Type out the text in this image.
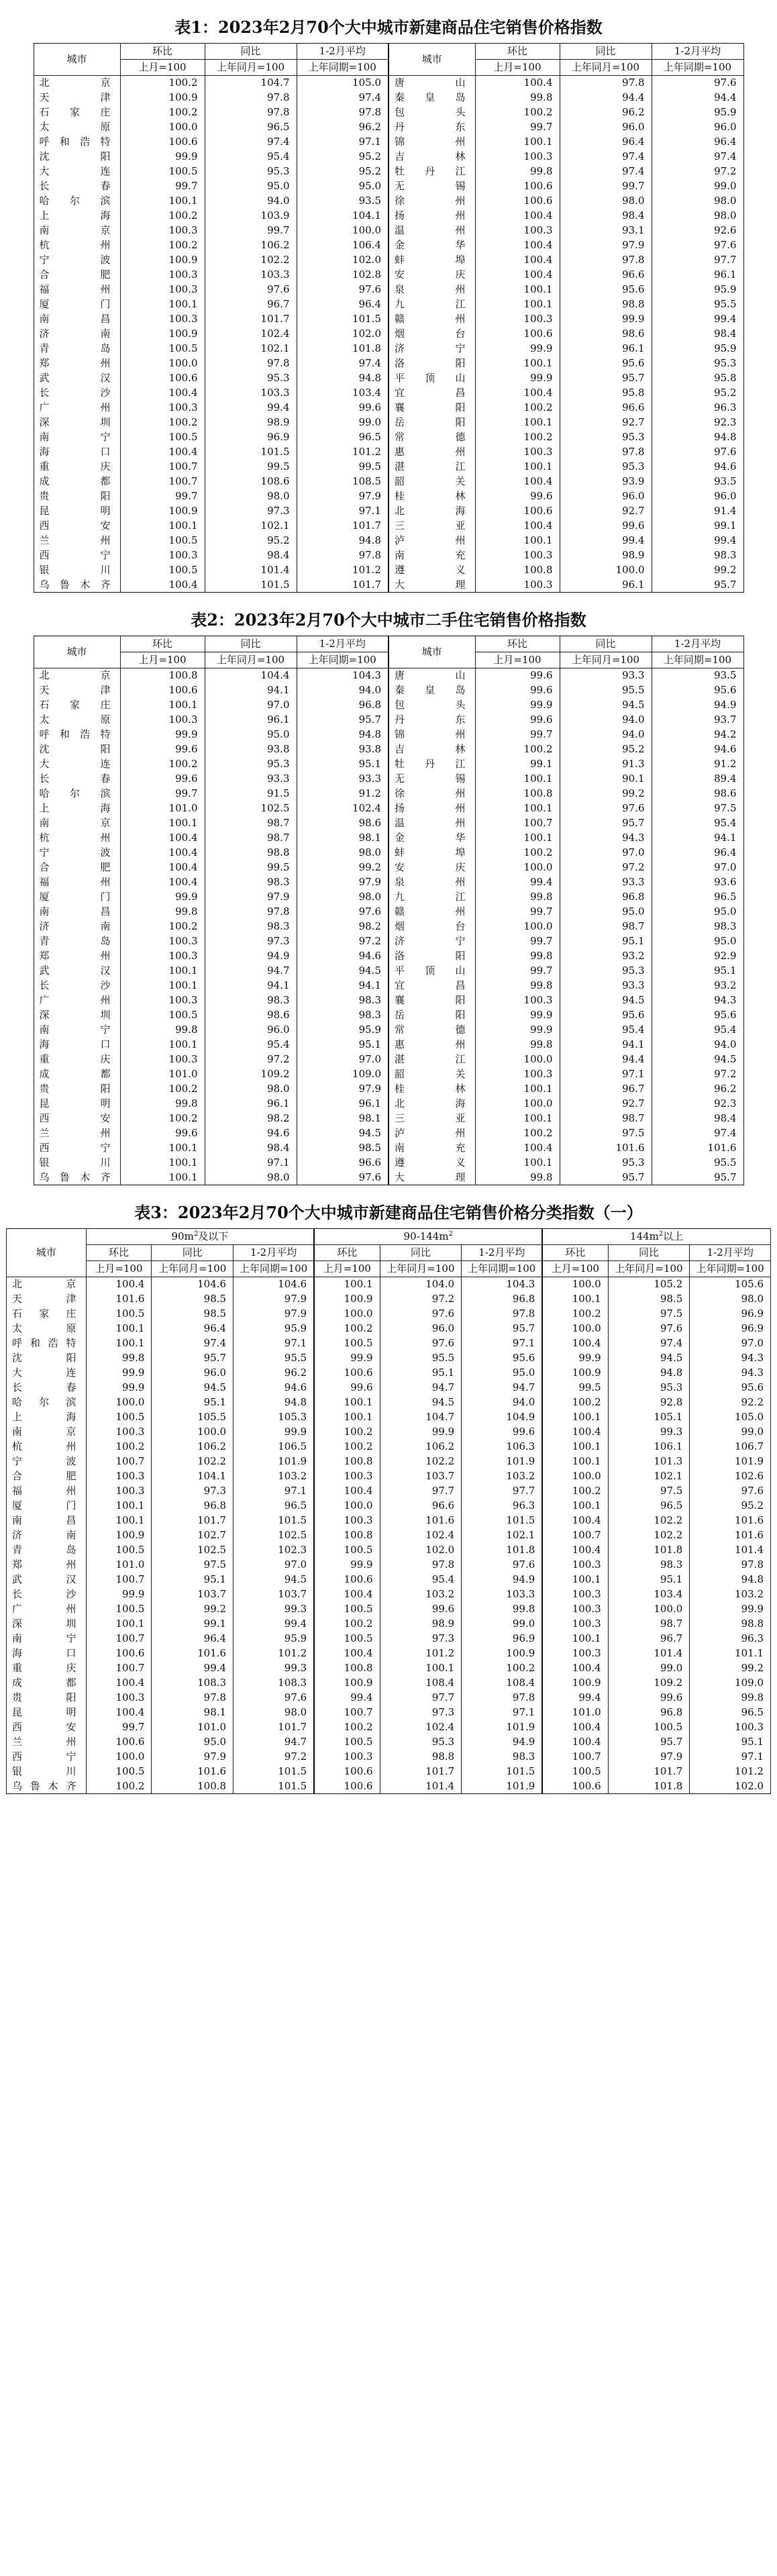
表1：2023年2月70个大中城市新建商品住宅销售价格指数
城市	环比	同比	1-2月平均	城市	环比	同比	1-2月平均
	上月=100	上年同月=100	上年同期=100		上月=100	上年同月=100	上年同期=100
北京	100.2	104.7	105.0	唐山	100.4	97.8	97.6
天津	100.9	97.8	97.4	秦皇岛	99.8	94.4	94.4
石家庄	100.2	97.8	97.8	包头	100.2	96.2	95.9
太原	100.0	96.5	96.2	丹东	99.7	96.0	96.0
呼和浩特	100.6	97.4	97.1	锦州	100.1	96.4	96.4
沈阳	99.9	95.4	95.2	吉林	100.3	97.4	97.4
大连	100.5	95.3	95.2	牡丹江	99.8	97.4	97.2
长春	99.7	95.0	95.0	无锡	100.6	99.7	99.0
哈尔滨	100.1	94.0	93.5	徐州	100.6	98.0	98.0
上海	100.2	103.9	104.1	扬州	100.4	98.4	98.0
南京	100.3	99.7	100.0	温州	100.3	93.1	92.6
杭州	100.2	106.2	106.4	金华	100.4	97.9	97.6
宁波	100.9	102.2	102.0	蚌埠	100.4	97.8	97.7
合肥	100.3	103.3	102.8	安庆	100.4	96.6	96.1
福州	100.3	97.6	97.6	泉州	100.1	95.6	95.9
厦门	100.1	96.7	96.4	九江	100.1	98.8	95.5
南昌	100.3	101.7	101.5	赣州	100.3	99.9	99.4
济南	100.9	102.4	102.0	烟台	100.6	98.6	98.4
青岛	100.5	102.1	101.8	济宁	99.9	96.1	95.9
郑州	100.0	97.8	97.4	洛阳	100.1	95.6	95.3
武汉	100.6	95.3	94.8	平顶山	99.9	95.7	95.8
长沙	100.4	103.3	103.4	宜昌	100.4	95.8	95.2
广州	100.3	99.4	99.6	襄阳	100.2	96.6	96.3
深圳	100.2	98.9	99.0	岳阳	100.1	92.7	92.3
南宁	100.5	96.9	96.5	常德	100.2	95.3	94.8
海口	100.4	101.5	101.2	惠州	100.3	97.8	97.6
重庆	100.7	99.5	99.5	湛江	100.1	95.3	94.6
成都	100.7	108.6	108.5	韶关	100.4	93.9	93.5
贵阳	99.7	98.0	97.9	桂林	99.6	96.0	96.0
昆明	100.9	97.3	97.1	北海	100.6	92.7	91.4
西安	100.1	102.1	101.7	三亚	100.4	99.6	99.1
兰州	100.5	95.2	94.8	泸州	100.1	99.4	99.4
西宁	100.3	98.4	97.8	南充	100.3	98.9	98.3
银川	100.5	101.4	101.2	遵义	100.8	100.0	99.2
乌鲁木齐	100.4	101.5	101.7	大理	100.3	96.1	95.7
表2：2023年2月70个大中城市二手住宅销售价格指数
城市	环比	同比	1-2月平均	城市	环比	同比	1-2月平均
	上月=100	上年同月=100	上年同期=100		上月=100	上年同月=100	上年同期=100
北京	100.8	104.4	104.3	唐山	99.6	93.3	93.5
天津	100.6	94.1	94.0	秦皇岛	99.6	95.5	95.6
石家庄	100.1	97.0	96.8	包头	99.9	94.5	94.9
太原	100.3	96.1	95.7	丹东	99.6	94.0	93.7
呼和浩特	99.9	95.0	94.8	锦州	99.7	94.0	94.2
沈阳	99.6	93.8	93.8	吉林	100.2	95.2	94.6
大连	100.2	95.3	95.1	牡丹江	99.1	91.3	91.2
长春	99.6	93.3	93.3	无锡	100.1	90.1	89.4
哈尔滨	99.7	91.5	91.2	徐州	100.8	99.2	98.6
上海	101.0	102.5	102.4	扬州	100.1	97.6	97.5
南京	100.1	98.7	98.6	温州	100.7	95.7	95.4
杭州	100.4	98.7	98.1	金华	100.1	94.3	94.1
宁波	100.4	98.8	98.0	蚌埠	100.2	97.0	96.4
合肥	100.4	99.5	99.2	安庆	100.0	97.2	97.0
福州	100.4	98.3	97.9	泉州	99.4	93.3	93.6
厦门	99.9	97.9	98.0	九江	99.8	96.8	96.5
南昌	99.8	97.8	97.6	赣州	99.7	95.0	95.0
济南	100.2	98.3	98.2	烟台	100.0	98.7	98.3
青岛	100.3	97.3	97.2	济宁	99.7	95.1	95.0
郑州	100.3	94.9	94.6	洛阳	99.8	93.2	92.9
武汉	100.1	94.7	94.5	平顶山	99.7	95.3	95.1
长沙	100.1	94.1	94.1	宜昌	99.8	93.3	93.2
广州	100.3	98.3	98.3	襄阳	100.3	94.5	94.3
深圳	100.5	98.6	98.3	岳阳	99.9	95.6	95.6
南宁	99.8	96.0	95.9	常德	99.9	95.4	95.4
海口	100.1	95.4	95.1	惠州	99.8	94.1	94.0
重庆	100.3	97.2	97.0	湛江	100.0	94.4	94.5
成都	101.0	109.2	109.0	韶关	100.3	97.1	97.2
贵阳	100.2	98.0	97.9	桂林	100.1	96.7	96.2
昆明	99.8	96.1	96.1	北海	100.0	92.7	92.3
西安	100.2	98.2	98.1	三亚	100.1	98.7	98.4
兰州	99.6	94.6	94.5	泸州	100.2	97.5	97.4
西宁	100.1	98.4	98.5	南充	100.4	101.6	101.6
银川	100.1	97.1	96.6	遵义	100.1	95.3	95.5
乌鲁木齐	100.1	98.0	97.6	大理	99.8	95.7	95.7
表3：2023年2月70个大中城市新建商品住宅销售价格分类指数（一）
城市	$90m^2$及以下			$90-144m^2$			$144m^2$以上		
	环比	同比	1-2月平均	环比	同比	1-2月平均	环比	同比	1-2月平均
	上月=100	上年同月=100	上年同期=100	上月=100	上年同月=100	上年同期=100	上月=100	上年同月=100	上年同期=100
北京	100.4	104.6	104.6	100.1	104.0	104.3	100.0	105.2	105.6
天津	101.6	98.5	97.9	100.9	97.2	96.8	100.1	98.5	98.0
石家庄	100.5	98.5	97.9	100.0	97.6	97.8	100.2	97.5	96.9
太原	100.1	96.4	95.9	100.2	96.0	95.7	100.0	97.6	96.9
呼和浩特	100.1	97.4	97.1	100.5	97.6	97.1	100.4	97.4	97.0
沈阳	99.8	95.7	95.5	99.9	95.5	95.6	99.9	94.5	94.3
大连	99.9	96.0	96.2	100.6	95.1	95.0	100.9	94.8	94.3
长春	99.9	94.5	94.6	99.6	94.7	94.7	99.5	95.3	95.6
哈尔滨	100.0	95.1	94.8	100.1	94.5	94.0	100.2	92.8	92.2
上海	100.5	105.5	105.3	100.1	104.7	104.9	100.1	105.1	105.0
南京	100.3	100.0	99.9	100.2	99.9	99.6	100.4	99.3	99.0
杭州	100.2	106.2	106.5	100.2	106.2	106.3	100.1	106.1	106.7
宁波	100.7	102.2	101.9	100.8	102.2	101.9	100.1	101.3	101.9
合肥	100.3	104.1	103.2	100.3	103.7	103.2	100.0	102.1	102.6
福州	100.3	97.3	97.1	100.4	97.7	97.7	100.2	97.5	97.6
厦门	100.1	96.8	96.5	100.0	96.6	96.3	100.1	96.5	95.2
南昌	100.1	101.7	101.5	100.3	101.6	101.5	100.4	102.2	101.6
济南	100.9	102.7	102.5	100.8	102.4	102.1	100.7	102.2	101.6
青岛	100.5	102.5	102.3	100.5	102.0	101.8	100.4	101.8	101.4
郑州	101.0	97.5	97.0	99.9	97.8	97.6	100.3	98.3	97.8
武汉	100.7	95.1	94.5	100.6	95.4	94.9	100.1	95.1	94.8
长沙	99.9	103.7	103.7	100.4	103.2	103.3	100.3	103.4	103.2
广州	100.5	99.2	99.3	100.5	99.6	99.8	100.3	100.0	99.9
深圳	100.1	99.1	99.4	100.2	98.9	99.0	100.3	98.7	98.8
南宁	100.7	96.4	95.9	100.5	97.3	96.9	100.1	96.7	96.3
海口	100.6	101.6	101.2	100.4	101.2	100.9	100.3	101.4	101.1
重庆	100.7	99.4	99.3	100.8	100.1	100.2	100.4	99.0	99.2
成都	100.4	108.3	108.3	100.9	108.4	108.4	100.9	109.2	109.0
贵阳	100.3	97.8	97.6	99.4	97.7	97.8	99.4	99.6	99.8
昆明	100.4	98.1	98.0	100.7	97.3	97.1	101.0	96.8	96.5
西安	99.7	101.0	101.7	100.2	102.4	101.9	100.4	100.5	100.3
兰州	100.6	95.0	94.7	100.5	95.3	94.9	100.4	95.7	95.1
西宁	100.0	97.9	97.2	100.3	98.8	98.3	100.7	97.9	97.1
银川	100.5	101.6	101.5	100.6	101.7	101.5	100.5	101.7	101.2
乌鲁木齐	100.2	100.8	101.5	100.6	101.4	101.9	100.6	101.8	102.0
